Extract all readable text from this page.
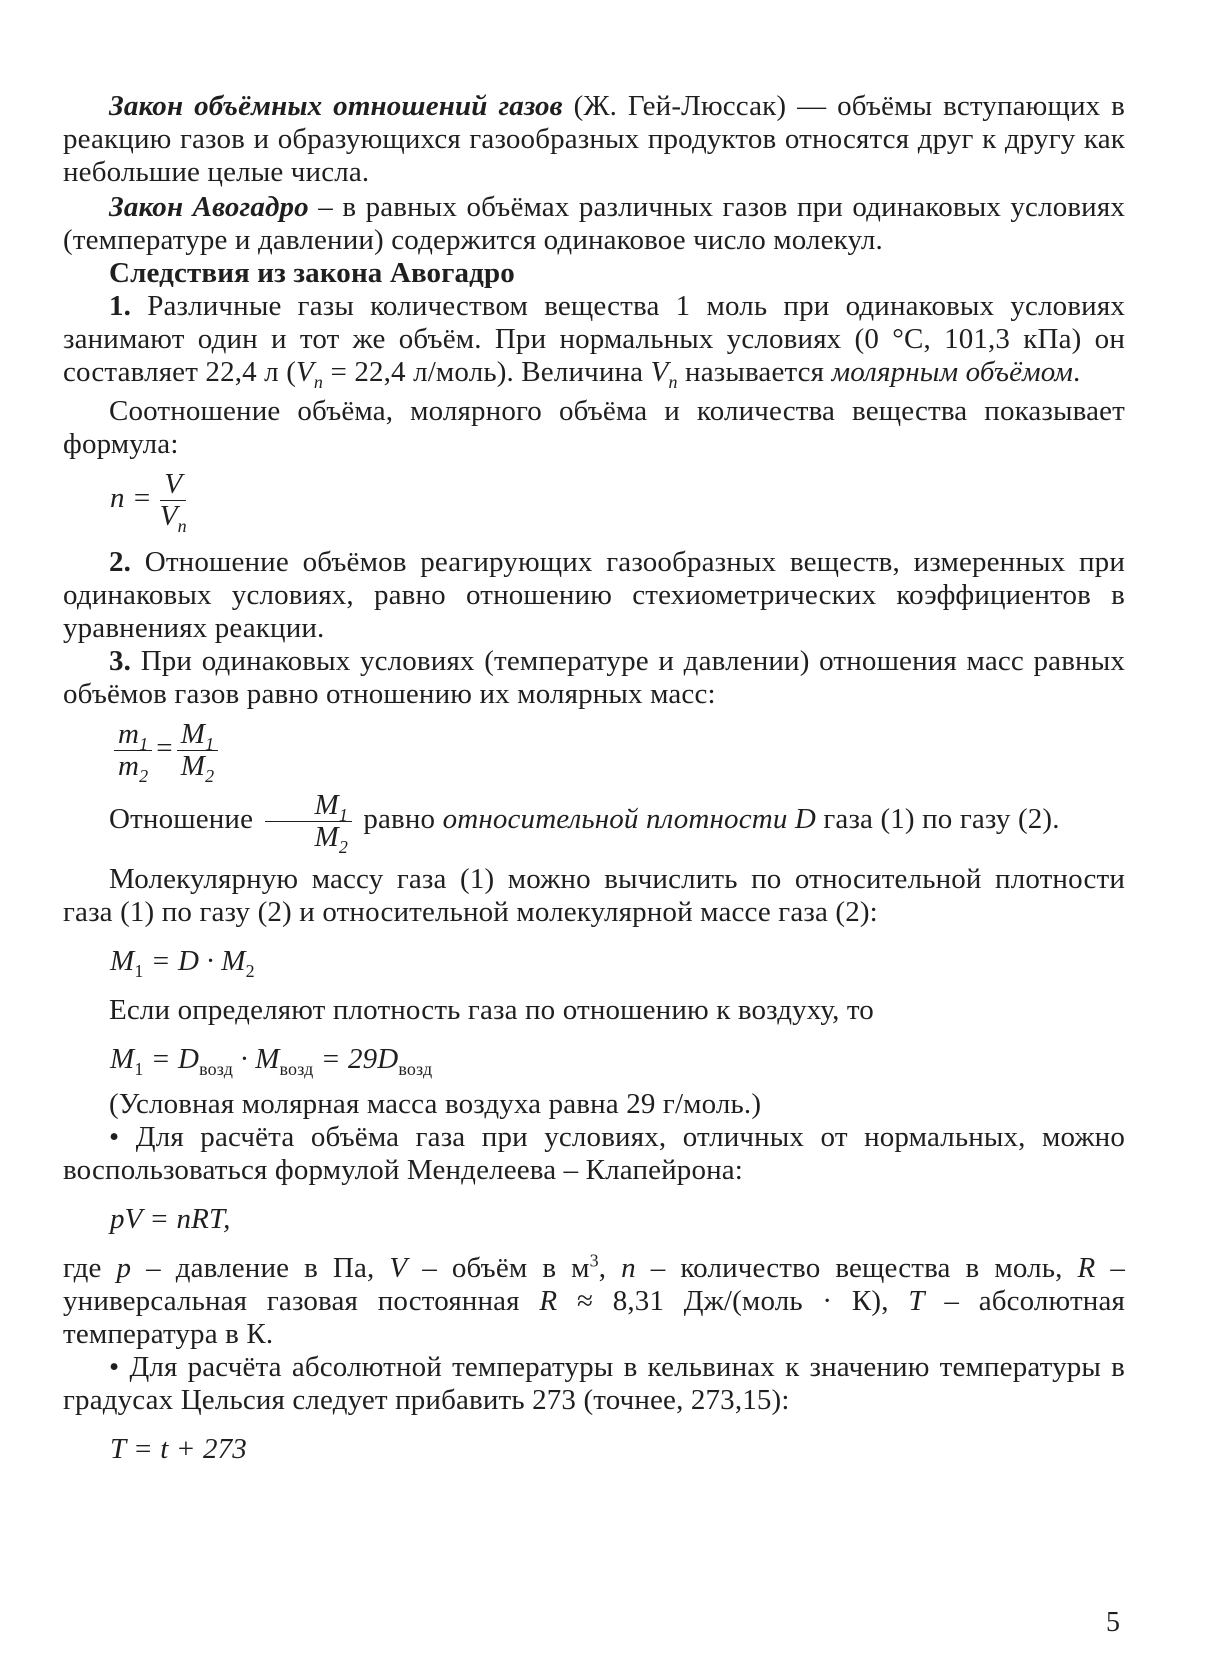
Закон объёмных отношений газов (Ж. Гей-Люссак) — объёмы вступающих в реакцию газов и образующихся газообразных продуктов относятся друг к другу как небольшие целые числа.

Закон Авогадро – в равных объёмах различных газов при одинаковых условиях (температуре и давлении) содержится одинаковое число молекул.

Следствия из закона Авогадро

1. Различные газы количеством вещества 1 моль при одинаковых условиях занимают один и тот же объём. При нормальных условиях (0 °С, 101,3 кПа) он составляет 22,4 л ($V_n = 22,4$ л/моль). Величина $V_n$ называется молярным объёмом.

Соотношение объёма, молярного объёма и количества вещества показывает формула:

$n = \frac{V}{V_n}$

2. Отношение объёмов реагирующих газообразных веществ, измеренных при одинаковых условиях, равно отношению стехиометрических коэффициентов в уравнениях реакции.

3. При одинаковых условиях (температуре и давлении) отношения масс равных объёмов газов равно отношению их молярных масс:

$\frac{m_1}{m_2} = \frac{M_1}{M_2}$

Отношение $\frac{M_1}{M_2}$ равно относительной плотности D газа (1) по газу (2).

Молекулярную массу газа (1) можно вычислить по относительной плотности газа (1) по газу (2) и относительной молекулярной массе газа (2):

$M_1 = D \cdot M_2$

Если определяют плотность газа по отношению к воздуху, то

$M_1 = D_{возд} \cdot M_{возд} = 29D_{возд}$

(Условная молярная масса воздуха равна 29 г/моль.)

• Для расчёта объёма газа при условиях, отличных от нормальных, можно воспользоваться формулой Менделеева – Клапейрона:

pV = nRT,

где p – давление в Па, V – объём в $м^3$, n – количество вещества в моль, R – универсальная газовая постоянная R ≈ 8,31 Дж/(моль · К), T – абсолютная температура в К.

• Для расчёта абсолютной температуры в кельвинах к значению температуры в градусах Цельсия следует прибавить 273 (точнее, 273,15):

T = t + 273

5
